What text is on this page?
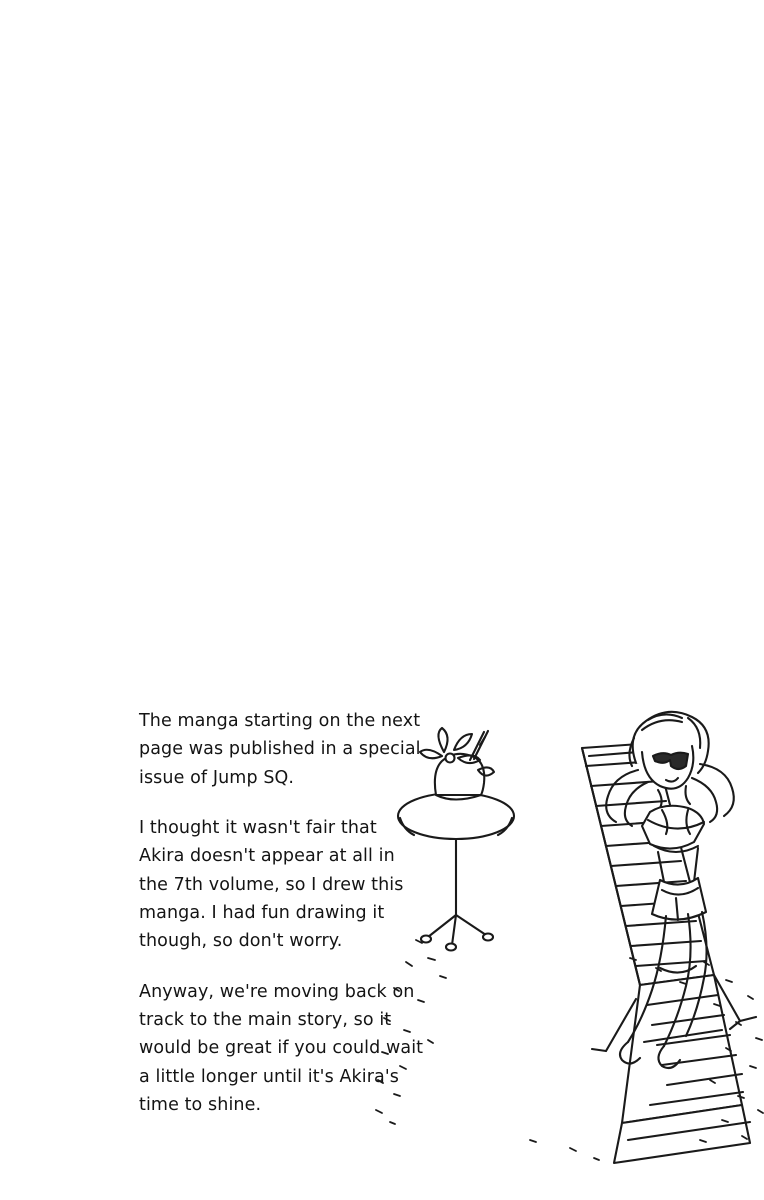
The manga starting on the next page was published in a special issue of Jump SQ.

I thought it wasn't fair that Akira doesn't appear at all in the 7th volume, so I drew this manga. I had fun drawing it though, so don't worry.

Anyway, we're moving back on track to the main story, so it would be great if you could wait a little longer until it's Akira's time to shine.
